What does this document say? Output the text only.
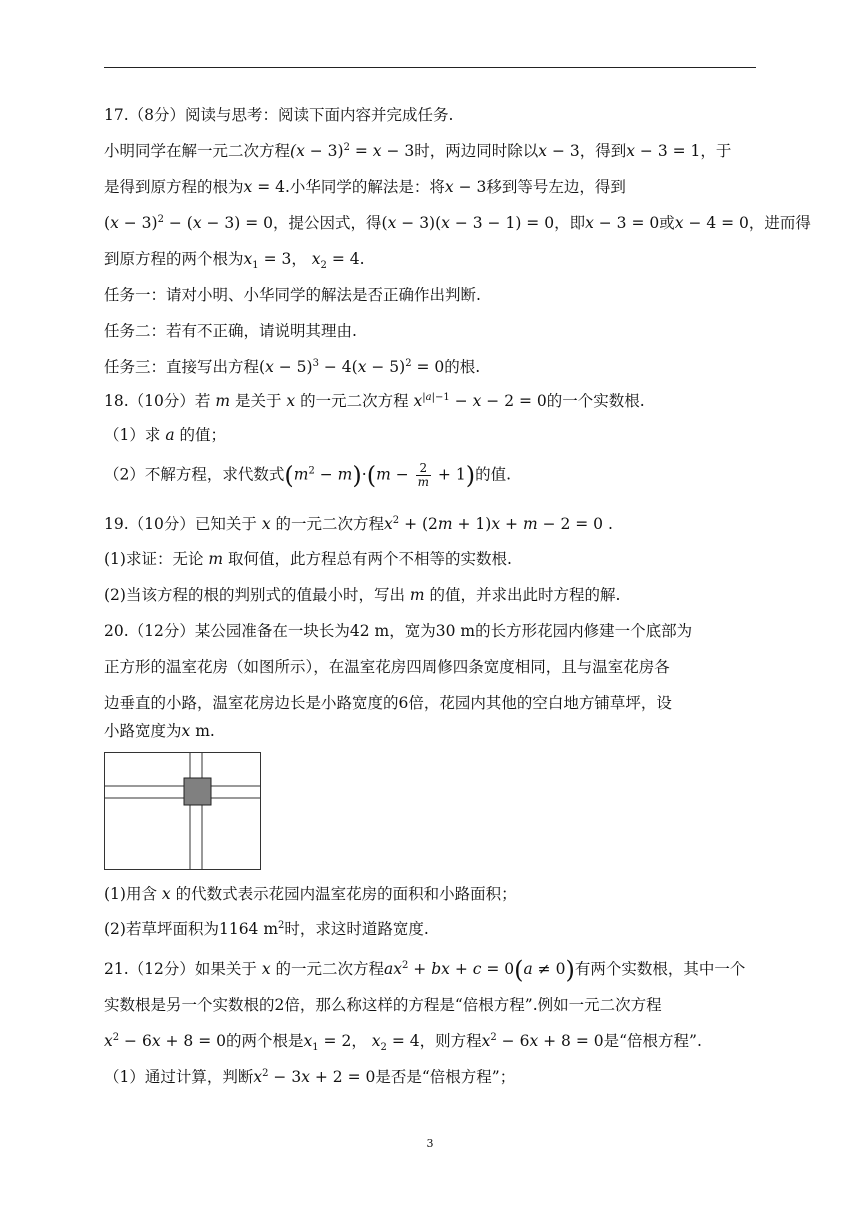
17.（8分）阅读与思考：阅读下面内容并完成任务.
小明同学在解一元二次方程$(x - 3)^2 = x - 3$时，两边同时除以x − 3，得到x − 3 = 1，于
是得到原方程的根为x = 4.小华同学的解法是：将x − 3移到等号左边，得到
$(x - 3)^2 - (x - 3) = 0$，提公因式，得(x − 3)(x − 3 − 1) = 0，即x − 3 = 0或x − 4 = 0，进而得
到原方程的两个根为$x_1 = 3$， $x_2 = 4$.
任务一：请对小明、小华同学的解法是否正确作出判断.
任务二：若有不正确，请说明其理由.
任务三：直接写出方程$(x - 5)^3 - 4(x - 5)^2 = 0$的根.
18.（10分）若 m 是关于 x 的一元二次方程 $x^{|a|-1} - x - 2 = 0$的一个实数根.
（1）求 a 的值；
（2）不解方程，求代数式$(m^2 - m)\cdot(m - \frac{2}{m} + 1)$的值.
19.（10分）已知关于 x 的一元二次方程$x^2 + (2m + 1)x + m - 2 = 0$ .
(1)求证：无论 m 取何值，此方程总有两个不相等的实数根.
(2)当该方程的根的判别式的值最小时，写出 m 的值，并求出此时方程的解.
20.（12分）某公园准备在一块长为42 m，宽为30 m的长方形花园内修建一个底部为
正方形的温室花房（如图所示），在温室花房四周修四条宽度相同，且与温室花房各
边垂直的小路，温室花房边长是小路宽度的6倍，花园内其他的空白地方铺草坪，设
小路宽度为x m.
(1)用含 x 的代数式表示花园内温室花房的面积和小路面积；
(2)若草坪面积为1164 $m^2$时，求这时道路宽度.
21.（12分）如果关于 x 的一元二次方程$ax^2$ + bx + c = 0(a ≠ 0)有两个实数根，其中一个
实数根是另一个实数根的2倍，那么称这样的方程是“倍根方程”.例如一元二次方程
$x^2 - 6x + 8 = 0$的两个根是$x_1 = 2$， $x_2 = 4$，则方程$x^2 - 6x + 8 = 0$是“倍根方程”.
（1）通过计算，判断$x^2 - 3x + 2 = 0$是否是“倍根方程”；
3
